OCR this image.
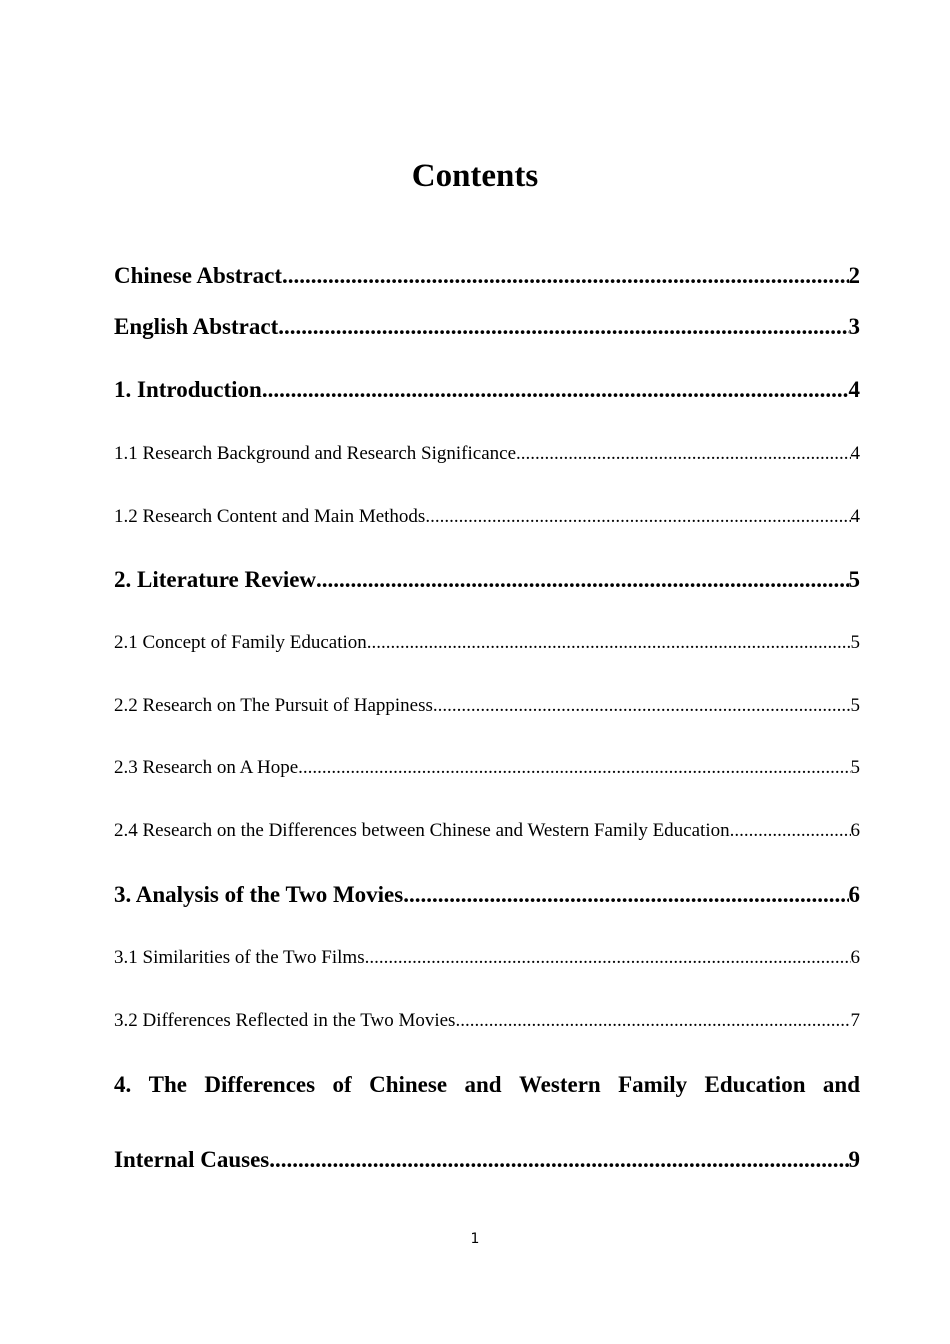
Contents
Chinese Abstract .....	2
English Abstract .....	3
1. Introduction .....	4
1.1 Research Background and Research Significance .....	4
1.2 Research Content and Main Methods .....	4
2. Literature Review .....	5
2.1 Concept of Family Education .....	5
2.2 Research on The Pursuit of Happiness .....	5
2.3 Research on A Hope .....	5
2.4 Research on the Differences between Chinese and Western Family Education .....	6
3. Analysis of the Two Movies .....	6
3.1 Similarities of the Two Films .....	6
3.2 Differences Reflected in the Two Movies .....	7
4. The Differences of Chinese and Western Family Education and
Internal Causes .....	9
1
